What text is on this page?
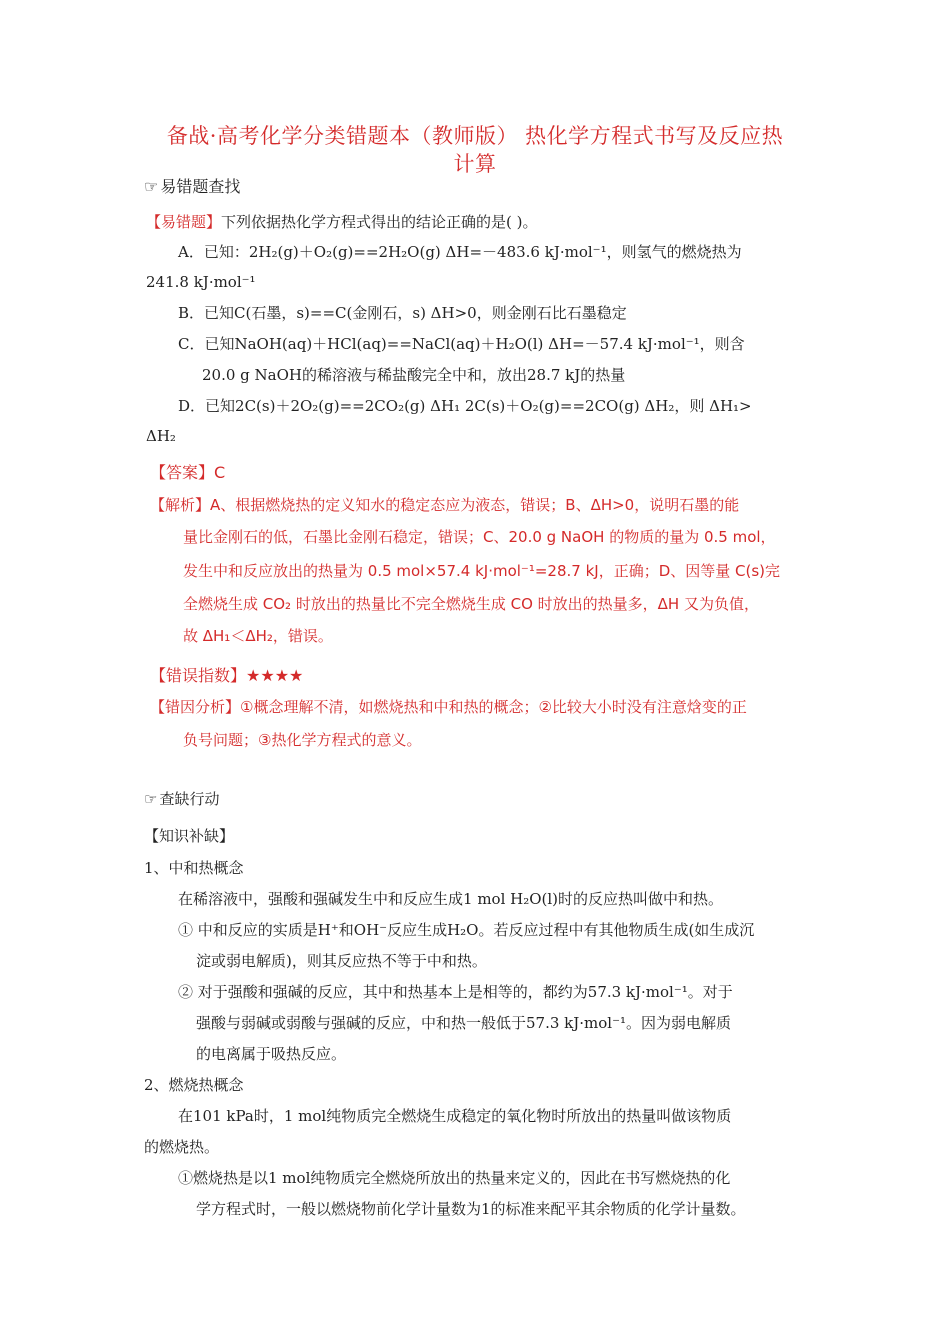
备战·高考化学分类错题本（教师版） 热化学方程式书写及反应热
计算
☞ 易错题查找
【易错题】下列依据热化学方程式得出的结论正确的是( )。
A．已知：2H₂(g)＋O₂(g)==2H₂O(g) ΔH=－483.6 kJ·mol⁻¹，则氢气的燃烧热为
241.8 kJ·mol⁻¹
B．已知C(石墨，s)==C(金刚石，s) ΔH>0，则金刚石比石墨稳定
C．已知NaOH(aq)＋HCl(aq)==NaCl(aq)＋H₂O(l) ΔH=－57.4 kJ·mol⁻¹，则含
20.0 g NaOH的稀溶液与稀盐酸完全中和，放出28.7 kJ的热量
D．已知2C(s)＋2O₂(g)==2CO₂(g) ΔH₁ 2C(s)＋O₂(g)==2CO(g) ΔH₂，则 ΔH₁>
ΔH₂
【答案】C
【解析】A、根据燃烧热的定义知水的稳定态应为液态，错误；B、ΔH>0，说明石墨的能
量比金刚石的低，石墨比金刚石稳定，错误；C、20.0 g NaOH 的物质的量为 0.5 mol，
发生中和反应放出的热量为 0.5 mol×57.4 kJ·mol⁻¹=28.7 kJ，正确；D、因等量 C(s)完
全燃烧生成 CO₂ 时放出的热量比不完全燃烧生成 CO 时放出的热量多，ΔH 又为负值，
故 ΔH₁＜ΔH₂，错误。
【错误指数】★★★★
【错因分析】①概念理解不清，如燃烧热和中和热的概念；②比较大小时没有注意焓变的正
负号问题；③热化学方程式的意义。
☞ 查缺行动
【知识补缺】
1、中和热概念
在稀溶液中，强酸和强碱发生中和反应生成1 mol H₂O(l)时的反应热叫做中和热。
① 中和反应的实质是H⁺和OH⁻反应生成H₂O。若反应过程中有其他物质生成(如生成沉
淀或弱电解质)，则其反应热不等于中和热。
② 对于强酸和强碱的反应，其中和热基本上是相等的，都约为57.3 kJ·mol⁻¹。对于
强酸与弱碱或弱酸与强碱的反应，中和热一般低于57.3 kJ·mol⁻¹。因为弱电解质
的电离属于吸热反应。
2、燃烧热概念
在101 kPa时，1 mol纯物质完全燃烧生成稳定的氧化物时所放出的热量叫做该物质
的燃烧热。
①燃烧热是以1 mol纯物质完全燃烧所放出的热量来定义的，因此在书写燃烧热的化
学方程式时，一般以燃烧物前化学计量数为1的标准来配平其余物质的化学计量数。
